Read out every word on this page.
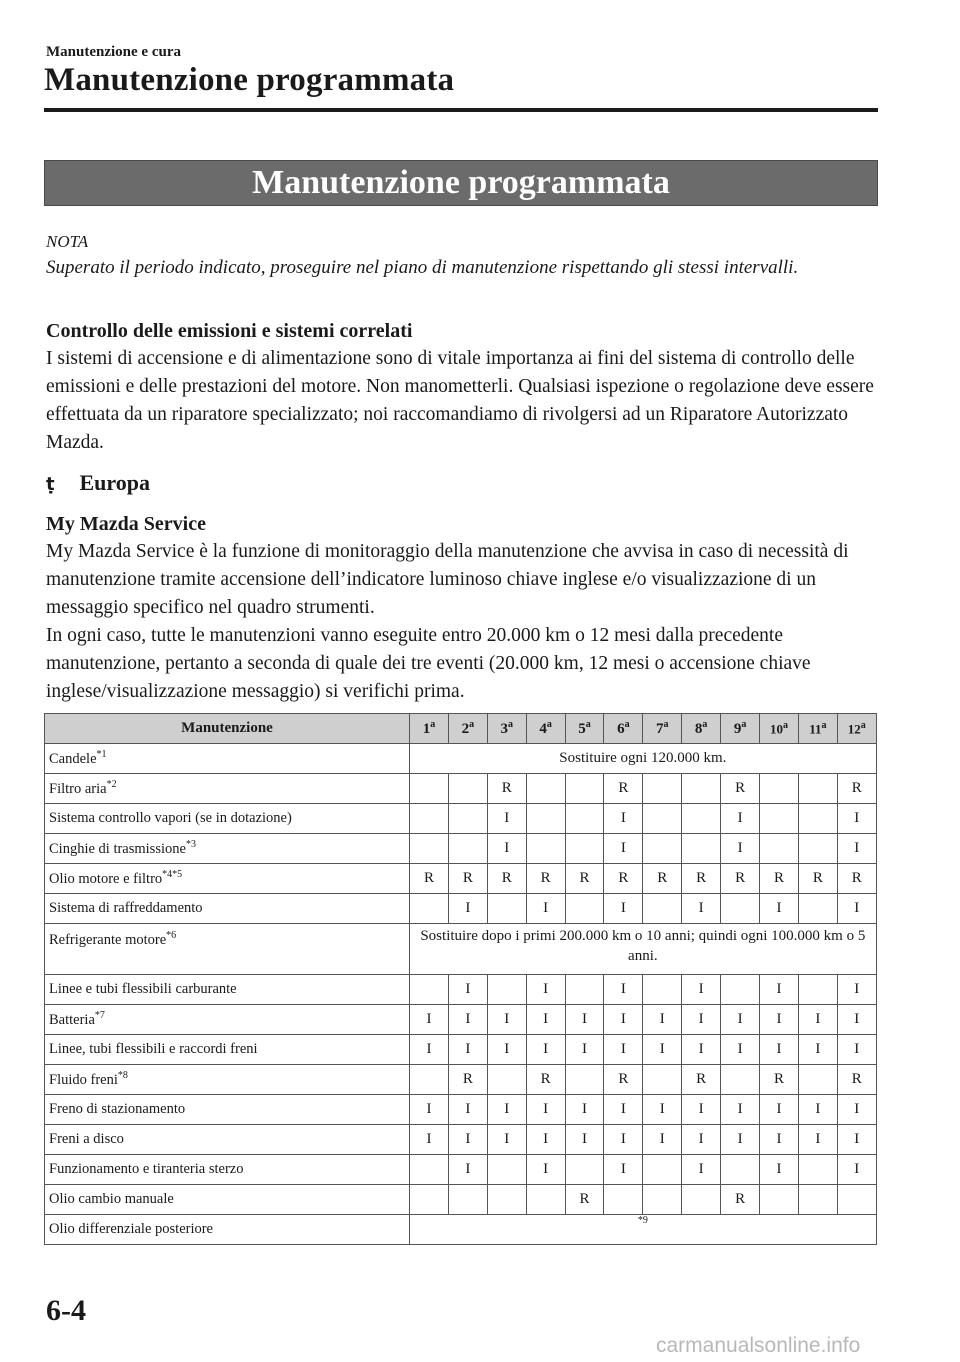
Manutenzione e cura
Manutenzione programmata
Manutenzione programmata
NOTA
Superato il periodo indicato, proseguire nel piano di manutenzione rispettando gli stessi intervalli.
Controllo delle emissioni e sistemi correlati
I sistemi di accensione e di alimentazione sono di vitale importanza ai fini del sistema di controllo delle emissioni e delle prestazioni del motore. Non manometterli. Qualsiasi ispezione o regolazione deve essere effettuata da un riparatore specializzato; noi raccomandiamo di rivolgersi ad un Riparatore Autorizzato Mazda.
ṭ Europa
My Mazda Service
My Mazda Service è la funzione di monitoraggio della manutenzione che avvisa in caso di necessità di manutenzione tramite accensione dell’indicatore luminoso chiave inglese e/o visualizzazione di un messaggio specifico nel quadro strumenti.
In ogni caso, tutte le manutenzioni vanno eseguite entro 20.000 km o 12 mesi dalla precedente manutenzione, pertanto a seconda di quale dei tre eventi (20.000 km, 12 mesi o accensione chiave inglese/visualizzazione messaggio) si verifichi prima.
Manutenzione	1$^a$	2$^a$	3$^a$	4$^a$	5$^a$	6$^a$	7$^a$	8$^a$	9$^a$	10$^a$	11$^a$	12$^a$
Candele$^{*1}$	Sostituire ogni 120.000 km.											
Filtro aria$^{*2}$			R			R			R			R
Sistema controllo vapori (se in dotazione)			I			I			I			I
Cinghie di trasmissione$^{*3}$			I			I			I			I
Olio motore e filtro$^{*4*5}$	R	R	R	R	R	R	R	R	R	R	R	R
Sistema di raffreddamento		I		I		I		I		I		I
Refrigerante motore$^{*6}$	Sostituire dopo i primi 200.000 km o 10 anni; quindi ogni 100.000 km o 5 anni.											
Linee e tubi flessibili carburante		I		I		I		I		I		I
Batteria$^{*7}$	I	I	I	I	I	I	I	I	I	I	I	I
Linee, tubi flessibili e raccordi freni	I	I	I	I	I	I	I	I	I	I	I	I
Fluido freni$^{*8}$		R		R		R		R		R		R
Freno di stazionamento	I	I	I	I	I	I	I	I	I	I	I	I
Freni a disco	I	I	I	I	I	I	I	I	I	I	I	I
Funzionamento e tiranteria sterzo		I		I		I		I		I		I
Olio cambio manuale					R				R			
Olio differenziale posteriore	$^{*9}$
6-4
carmanualsonline.info
